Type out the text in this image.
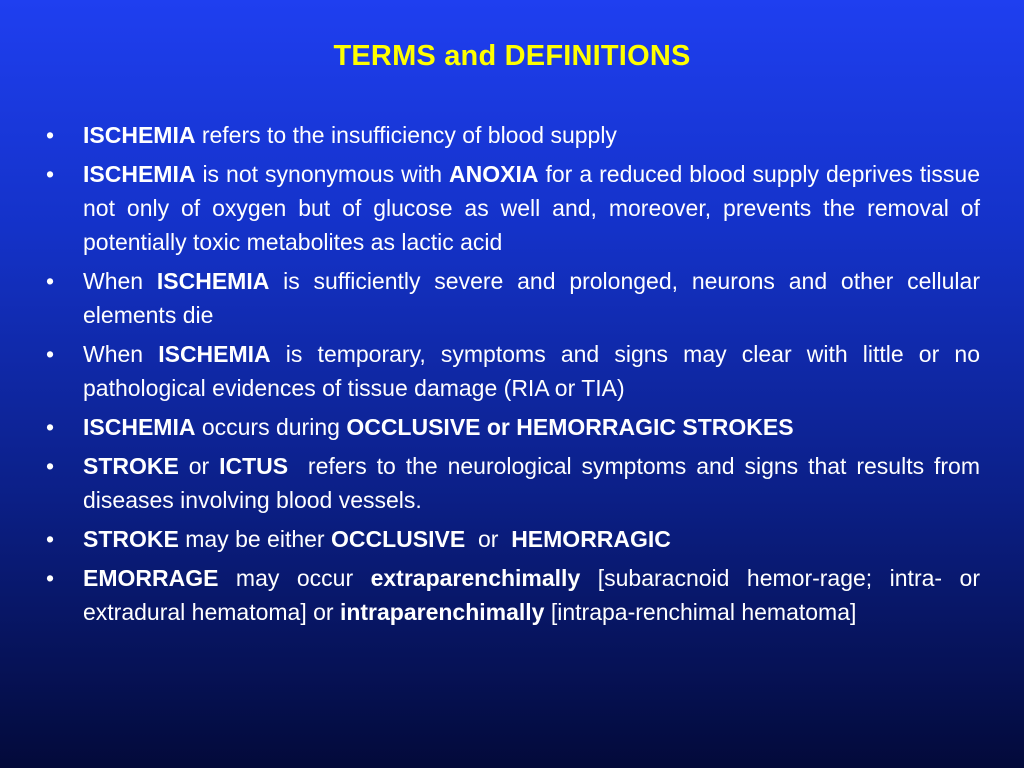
TERMS and DEFINITIONS
• ISCHEMIA refers to the insufficiency of blood supply
• ISCHEMIA is not synonymous with ANOXIA for a reduced blood supply deprives tissue not only of oxygen but of glucose as well and, moreover, prevents the removal of potentially toxic metabolites as lactic acid
• When ISCHEMIA is sufficiently severe and prolonged, neurons and other cellular elements die
• When ISCHEMIA is temporary, symptoms and signs may clear with little or no pathological evidences of tissue damage (RIA or TIA)
• ISCHEMIA occurs during OCCLUSIVE or HEMORRAGIC STROKES
• STROKE or ICTUS  refers to the neurological symptoms and signs that results from diseases involving blood vessels.
• STROKE may be either OCCLUSIVE  or  HEMORRAGIC
• EMORRAGE may occur extraparenchimally [subaracnoid hemor-rage; intra- or extradural hematoma] or intraparenchimally [intrapa-renchimal hematoma]
